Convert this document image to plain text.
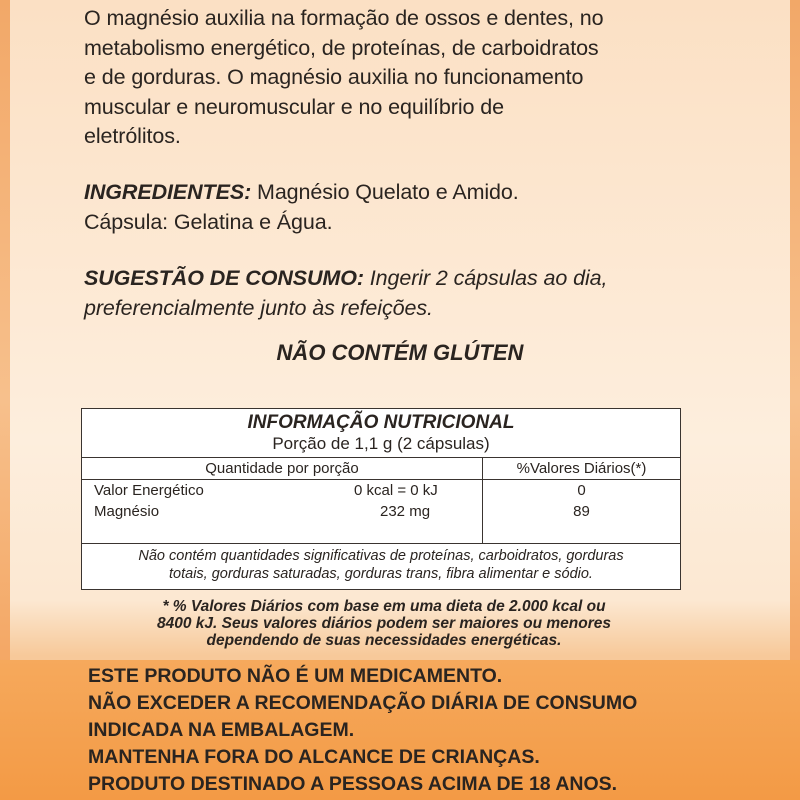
O magnésio auxilia na formação de ossos e dentes, no
metabolismo energético, de proteínas, de carboidratos
e de gorduras. O magnésio auxilia no funcionamento
muscular e neuromuscular e no equilíbrio de
eletrólitos.

INGREDIENTES: Magnésio Quelato e Amido.
Cápsula: Gelatina e Água.

SUGESTÃO DE CONSUMO: Ingerir 2 cápsulas ao dia,
preferencialmente junto às refeições.

NÃO CONTÉM GLÚTEN

INFORMAÇÃO NUTRICIONAL
Porção de 1,1 g (2 cápsulas)
Quantidade por porção	%Valores Diários(*)
Valor Energético	0 kcal = 0 kJ	0
Magnésio	232 mg	89
Não contém quantidades significativas de proteínas, carboidratos, gorduras
totais, gorduras saturadas, gorduras trans, fibra alimentar e sódio.

* % Valores Diários com base em uma dieta de 2.000 kcal ou
8400 kJ. Seus valores diários podem ser maiores ou menores
dependendo de suas necessidades energéticas.

ESTE PRODUTO NÃO É UM MEDICAMENTO.
NÃO EXCEDER A RECOMENDAÇÃO DIÁRIA DE CONSUMO
INDICADA NA EMBALAGEM.
MANTENHA FORA DO ALCANCE DE CRIANÇAS.
PRODUTO DESTINADO A PESSOAS ACIMA DE 18 ANOS.
